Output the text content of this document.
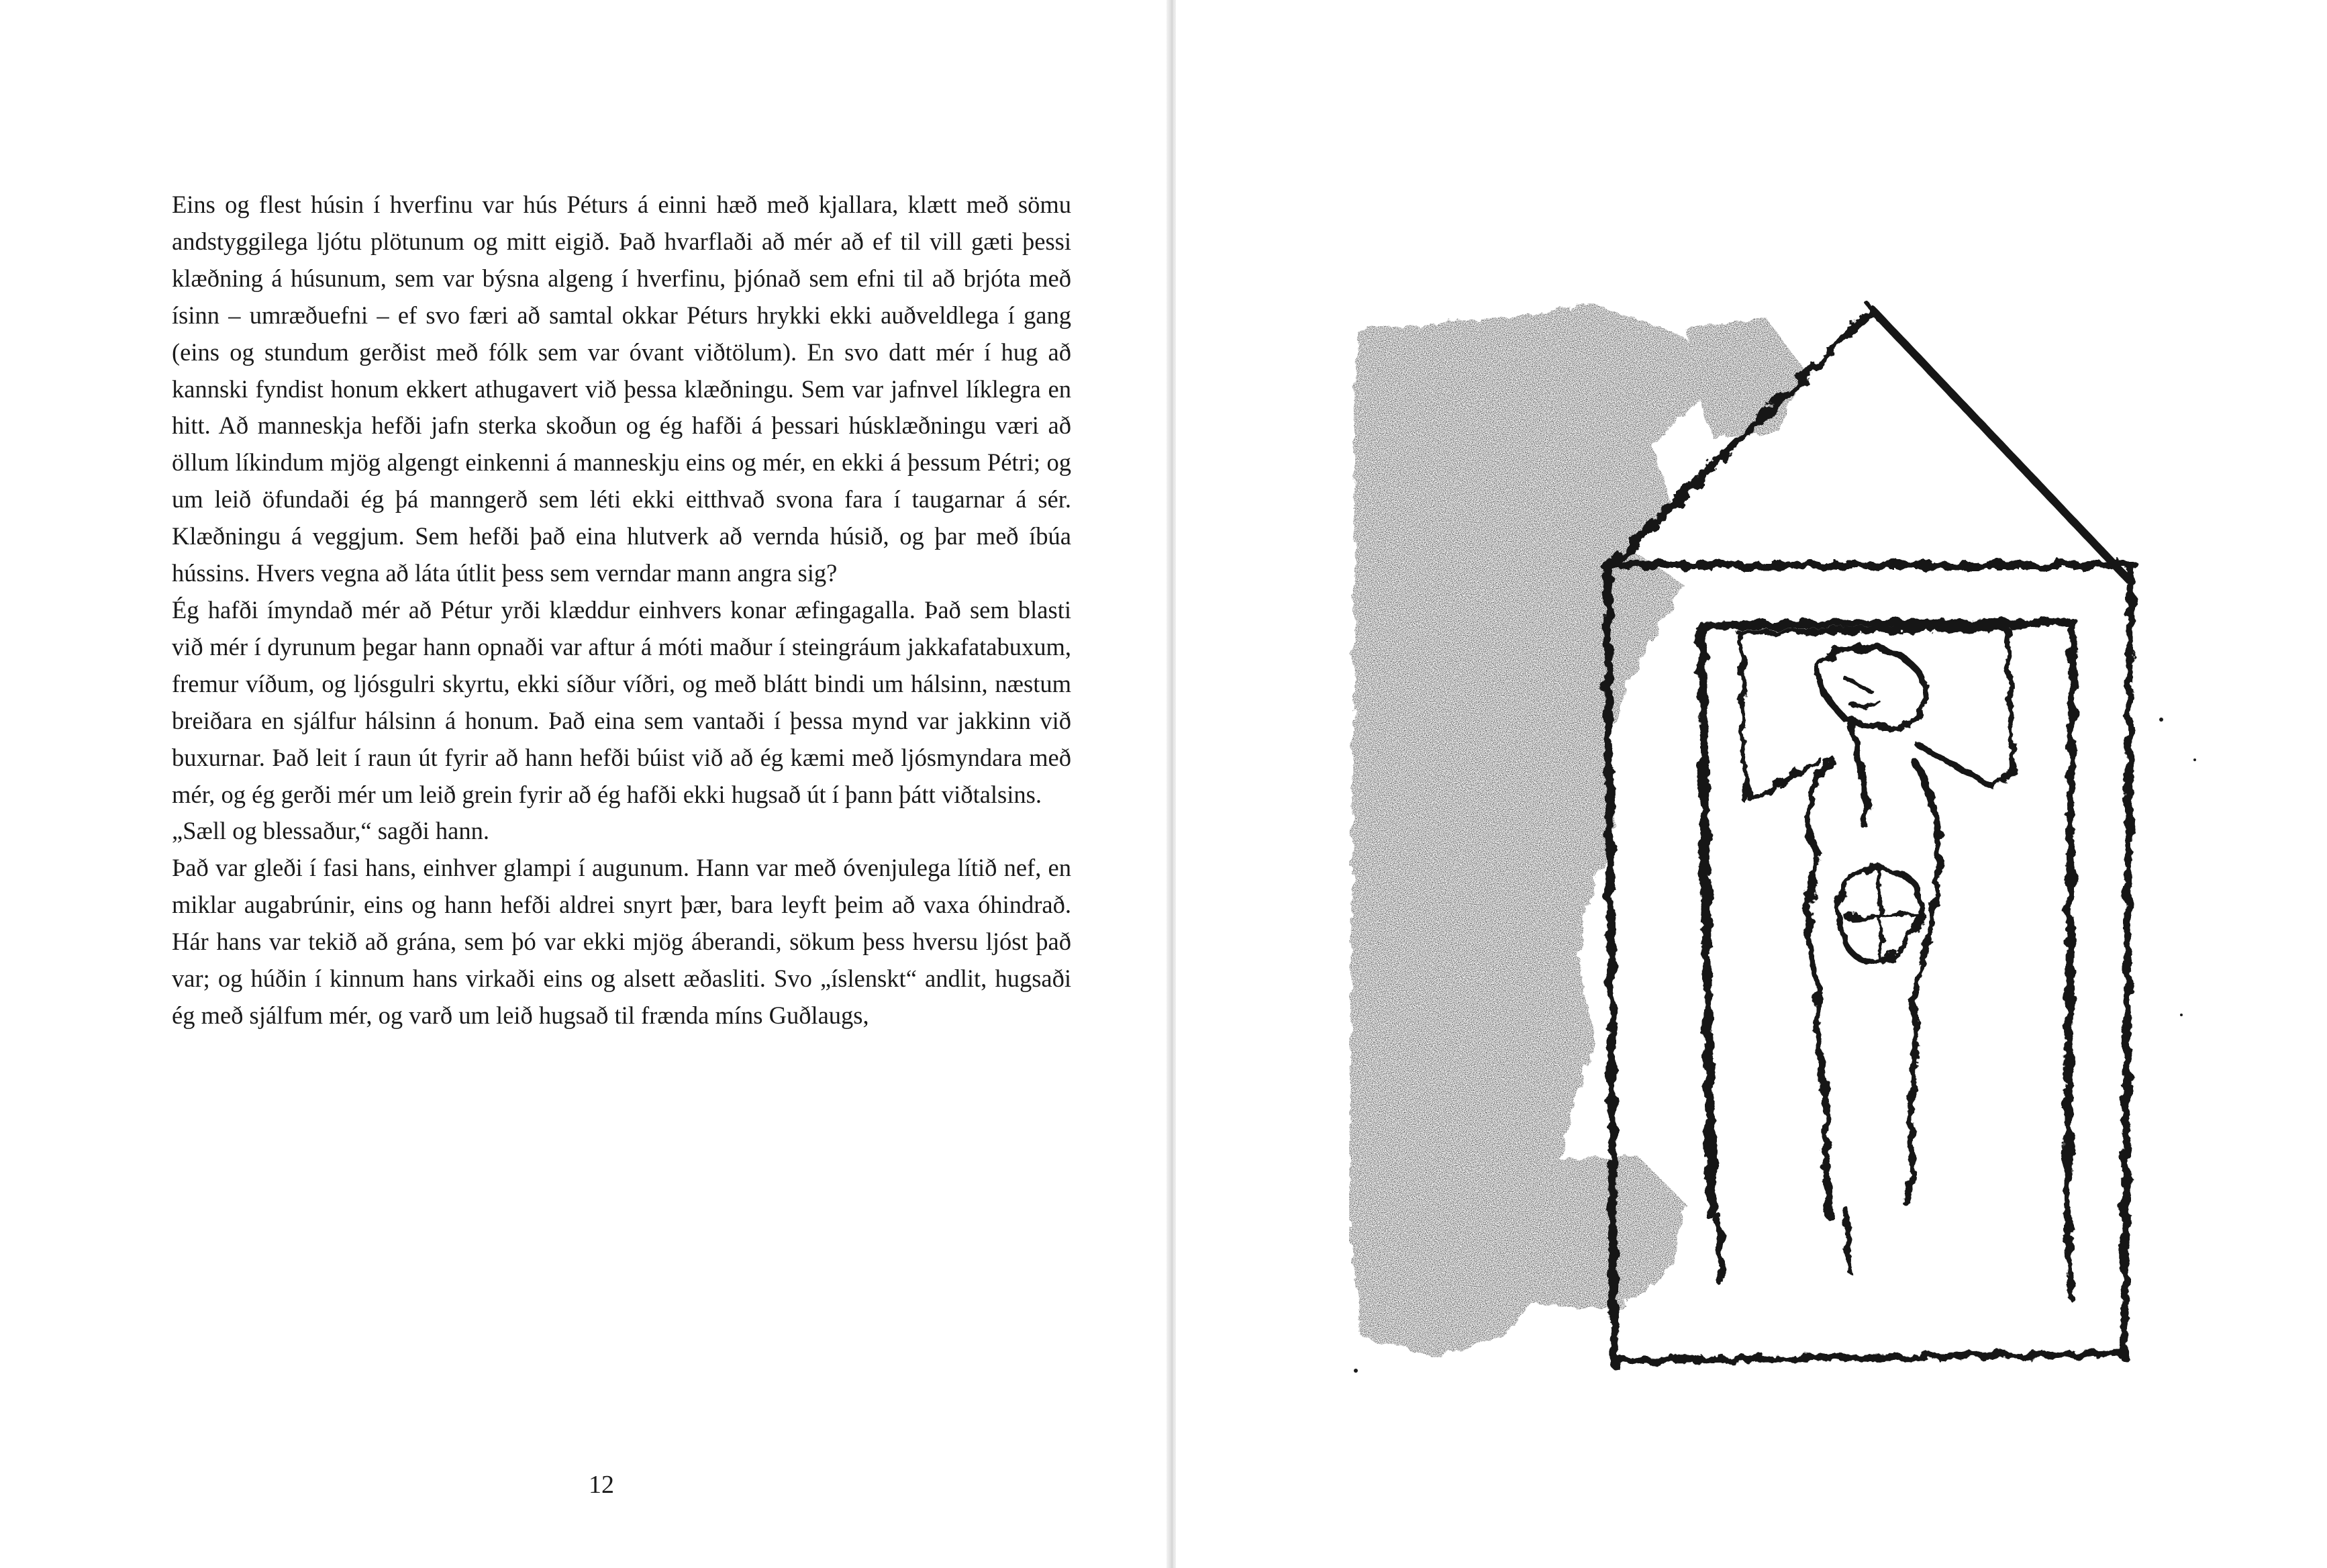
Eins og flest húsin í hverfinu var hús Péturs á einni hæð með kjallara, klætt með sömu andstyggilega ljótu plötunum og mitt eigið. Það hvarflaði að mér að ef til vill gæti þessi klæðning á húsunum, sem var býsna algeng í hverfinu, þjónað sem efni til að brjóta með ísinn – umræðuefni – ef svo færi að samtal okkar Péturs hrykki ekki auðveldlega í gang (eins og stundum gerðist með fólk sem var óvant viðtölum). En svo datt mér í hug að kannski fyndist honum ekkert athugavert við þessa klæðningu. Sem var jafnvel líklegra en hitt. Að manneskja hefði jafn sterka skoðun og ég hafði á þessari húsklæðningu væri að öllum líkindum mjög algengt einkenni á manneskju eins og mér, en ekki á þessum Pétri; og um leið öfundaði ég þá manngerð sem léti ekki eitthvað svona fara í taugarnar á sér. Klæðningu á veggjum. Sem hefði það eina hlutverk að vernda húsið, og þar með íbúa hússins. Hvers vegna að láta útlit þess sem verndar mann angra sig?

Ég hafði ímyndað mér að Pétur yrði klæddur einhvers konar æfingagalla. Það sem blasti við mér í dyrunum þegar hann opnaði var aftur á móti maður í steingráum jakkafatabuxum, fremur víðum, og ljósgulri skyrtu, ekki síður víðri, og með blátt bindi um hálsinn, næstum breiðara en sjálfur hálsinn á honum. Það eina sem vantaði í þessa mynd var jakkinn við buxurnar. Það leit í raun út fyrir að hann hefði búist við að ég kæmi með ljósmyndara með mér, og ég gerði mér um leið grein fyrir að ég hafði ekki hugsað út í þann þátt viðtalsins.

„Sæll og blessaður,“ sagði hann.

Það var gleði í fasi hans, einhver glampi í augunum. Hann var með óvenjulega lítið nef, en miklar augabrúnir, eins og hann hefði aldrei snyrt þær, bara leyft þeim að vaxa óhindrað. Hár hans var tekið að grána, sem þó var ekki mjög áberandi, sökum þess hversu ljóst það var; og húðin í kinnum hans virkaði eins og alsett æðasliti. Svo „íslenskt“ andlit, hugsaði ég með sjálfum mér, og varð um leið hugsað til frænda míns Guðlaugs,

12
